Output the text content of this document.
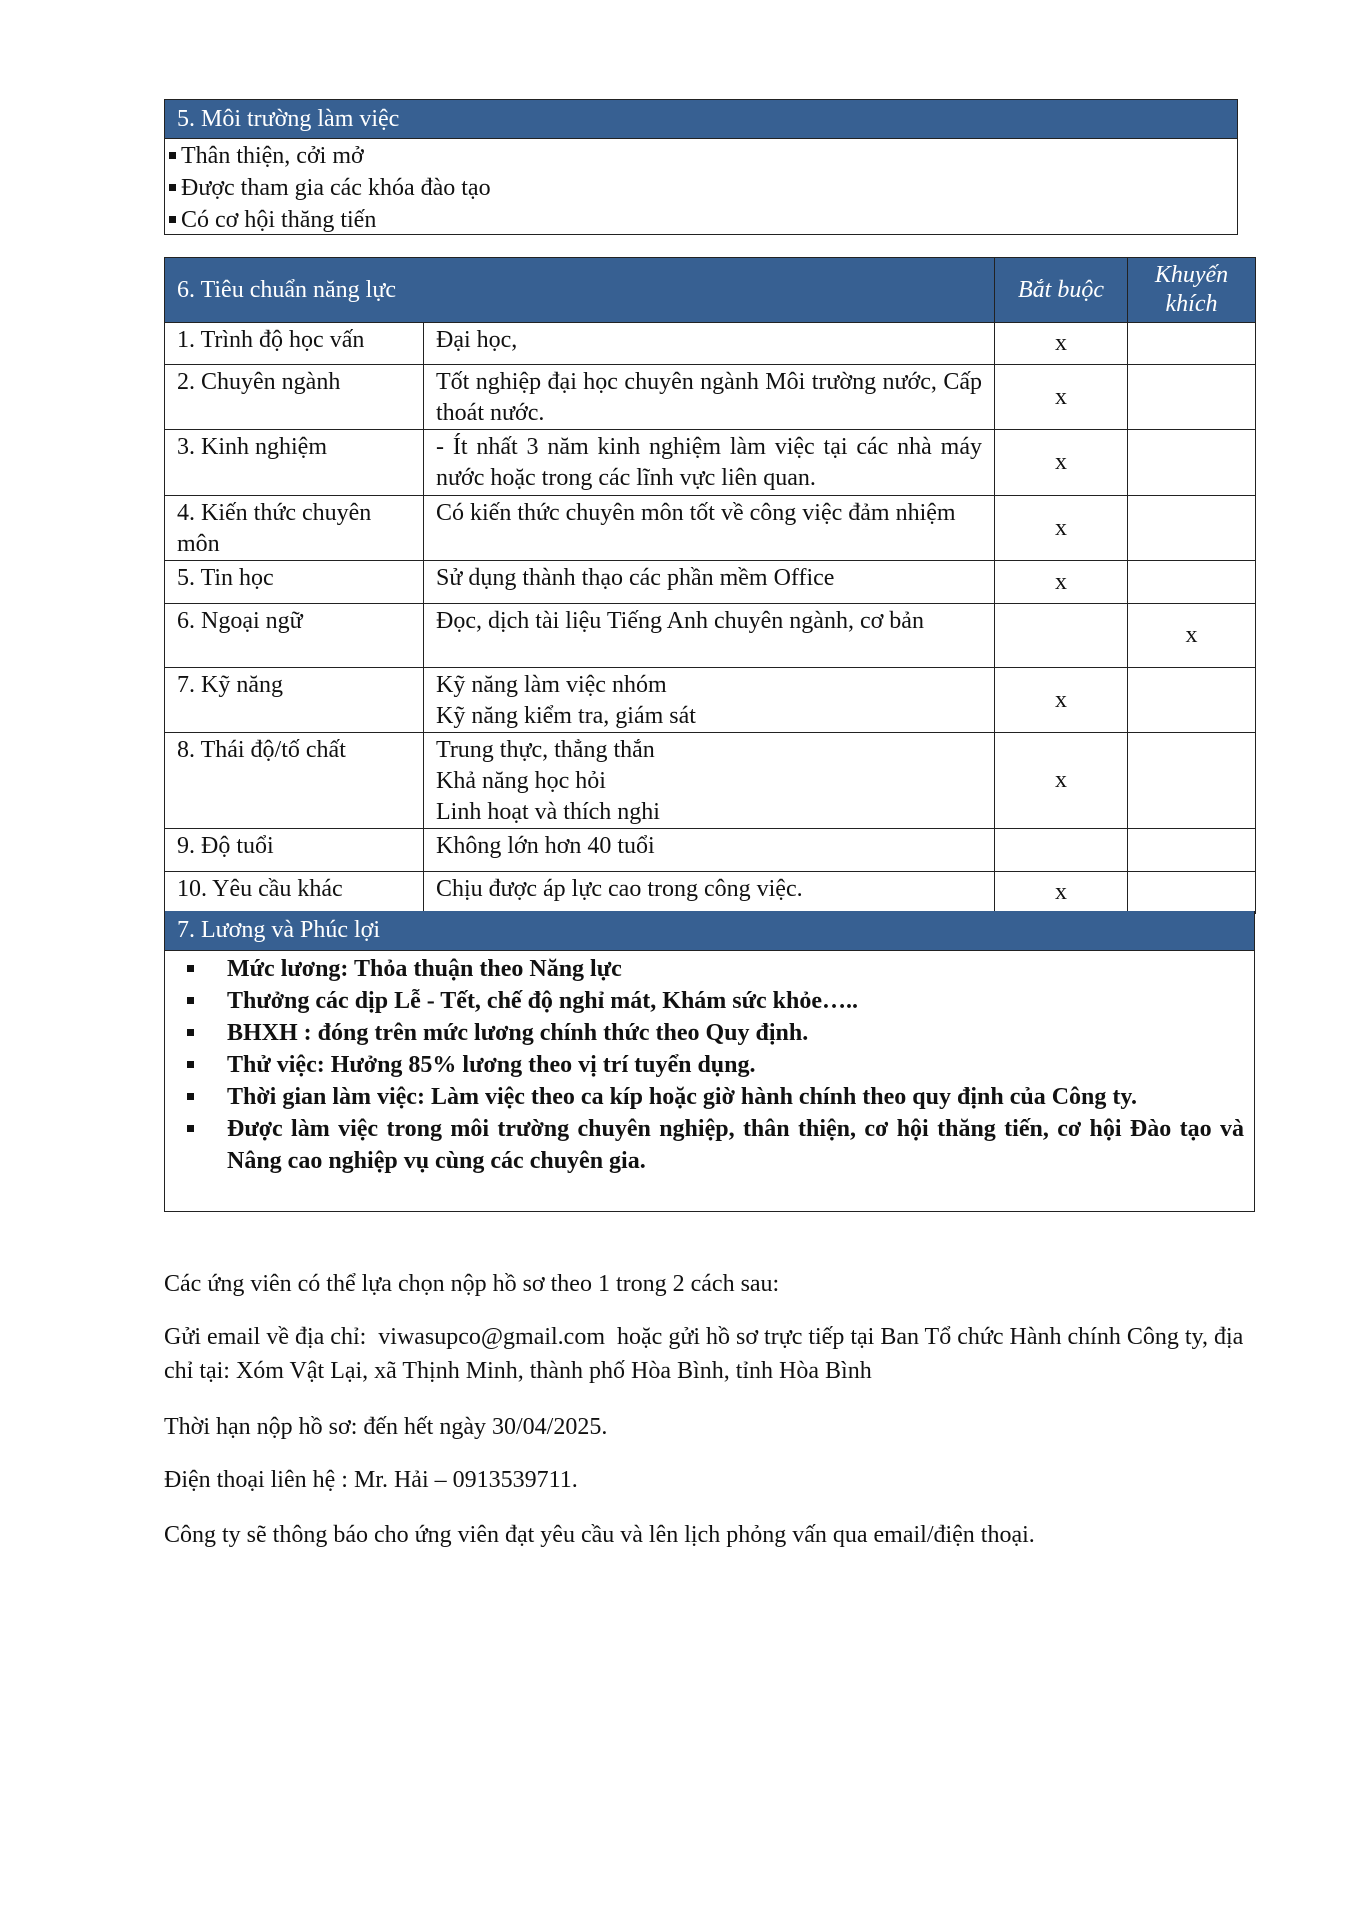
5. Môi trường làm việc
Thân thiện, cởi mở
Được tham gia các khóa đào tạo
Có cơ hội thăng tiến
6. Tiêu chuẩn năng lực		Bắt buộc	Khuyến khích
1. Trình độ học vấn	Đại học,	x	
2. Chuyên ngành	Tốt nghiệp đại học chuyên ngành Môi trường nước, Cấp thoát nước.	x	
3. Kinh nghiệm	- Ít nhất 3 năm kinh nghiệm làm việc tại các nhà máy nước hoặc trong các lĩnh vực liên quan.	x	
4. Kiến thức chuyên môn	Có kiến thức chuyên môn tốt về công việc đảm nhiệm	x	
5. Tin học	Sử dụng thành thạo các phần mềm Office	x	
6. Ngoại ngữ	Đọc, dịch tài liệu Tiếng Anh chuyên ngành, cơ bản		x
7. Kỹ năng	Kỹ năng làm việc nhóm
Kỹ năng kiểm tra, giám sát	x	
8. Thái độ/tố chất	Trung thực, thẳng thắn
Khả năng học hỏi
Linh hoạt và thích nghi	x	
9. Độ tuổi	Không lớn hơn 40 tuổi		
10. Yêu cầu khác	Chịu được áp lực cao trong công việc.	x	
7. Lương và Phúc lợi
Mức lương: Thỏa thuận theo Năng lực
Thưởng các dịp Lễ - Tết, chế độ nghỉ mát, Khám sức khỏe…..
BHXH : đóng trên mức lương chính thức theo Quy định.
Thử việc: Hưởng 85% lương theo vị trí tuyển dụng.
Thời gian làm việc: Làm việc theo ca kíp hoặc giờ hành chính theo quy định của Công ty.
Được làm việc trong môi trường chuyên nghiệp, thân thiện, cơ hội thăng tiến, cơ hội Đào tạo và Nâng cao nghiệp vụ cùng các chuyên gia.
Các ứng viên có thể lựa chọn nộp hồ sơ theo 1 trong 2 cách sau:
Gửi email về địa chỉ: viwasupco@gmail.com hoặc gửi hồ sơ trực tiếp tại Ban Tổ chức Hành chính Công ty, địa chỉ tại: Xóm Vật Lại, xã Thịnh Minh, thành phố Hòa Bình, tỉnh Hòa Bình
Thời hạn nộp hồ sơ: đến hết ngày 30/04/2025.
Điện thoại liên hệ : Mr. Hải – 0913539711.
Công ty sẽ thông báo cho ứng viên đạt yêu cầu và lên lịch phỏng vấn qua email/điện thoại.
